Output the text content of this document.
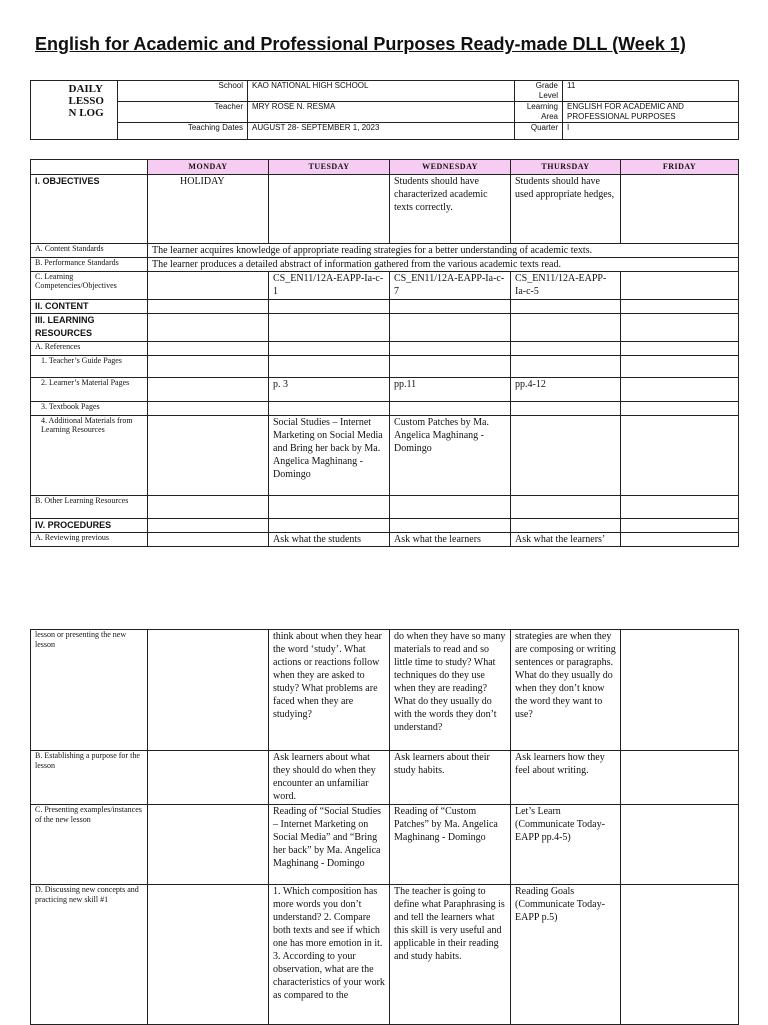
English for Academic and Professional Purposes Ready-made DLL (Week 1)
	DAILY LESSO N LOG	School	KAO NATIONAL HIGH SCHOOL	Grade Level	11
		Teacher	MRY ROSE N. RESMA	Learning Area	ENGLISH FOR ACADEMIC AND PROFESSIONAL PURPOSES
		Teaching Dates	AUGUST 28- SEPTEMBER 1, 2023	Quarter	I
	MONDAY	TUESDAY	WEDNESDAY	THURSDAY	FRIDAY
I. OBJECTIVES	HOLIDAY		Students should have characterized academic texts correctly.	Students should have used appropriate hedges,	
A. Content Standards	The learner acquires knowledge of appropriate reading strategies for a better understanding of academic texts.				
B. Performance Standards	The learner produces a detailed abstract of information gathered from the various academic texts read.				
C. Learning Competencies/Objectives		CS_EN11/12A-EAPP-Ia-c-1	CS_EN11/12A-EAPP-Ia-c-7	CS_EN11/12A-EAPP-Ia-c-5	
II. CONTENT					
III. LEARNING RESOURCES					
A. References					
1. Teacher’s Guide Pages					
2. Learner’s Material Pages		p. 3	pp.11	pp.4-12	
3. Textbook Pages					
4. Additional Materials from Learning Resources		Social Studies – Internet Marketing on Social Media and Bring her back by Ma. Angelica Maghinang - Domingo	Custom Patches by Ma. Angelica Maghinang - Domingo		
B. Other Learning Resources					
IV. PROCEDURES					
A. Reviewing previous		Ask what the students	Ask what the learners	Ask what the learners’	
lesson or presenting the new lesson		think about when they hear the word ‘study’. What actions or reactions follow when they are asked to study? What problems are faced when they are studying?	do when they have so many materials to read and so little time to study? What techniques do they use when they are reading? What do they usually do with the words they don’t understand?	strategies are when they are composing or writing sentences or paragraphs. What do they usually do when they don’t know the word they want to use?	
B. Establishing a purpose for the lesson		Ask learners about what they should do when they encounter an unfamiliar word.	Ask learners about their study habits.	Ask learners how they feel about writing.	
C. Presenting examples/instances of the new lesson		Reading of “Social Studies – Internet Marketing on Social Media” and “Bring her back” by Ma. Angelica Maghinang - Domingo	Reading of “Custom Patches” by Ma. Angelica Maghinang - Domingo	Let’s Learn (Communicate Today-EAPP pp.4-5)	
D. Discussing new concepts and practicing new skill #1		1. Which composition has more words you don’t understand? 2. Compare both texts and see if which one has more emotion in it. 3. According to your observation, what are the characteristics of your work as compared to the	The teacher is going to define what Paraphrasing is and tell the learners what this skill is very useful and applicable in their reading and study habits.	Reading Goals (Communicate Today-EAPP p.5)	
